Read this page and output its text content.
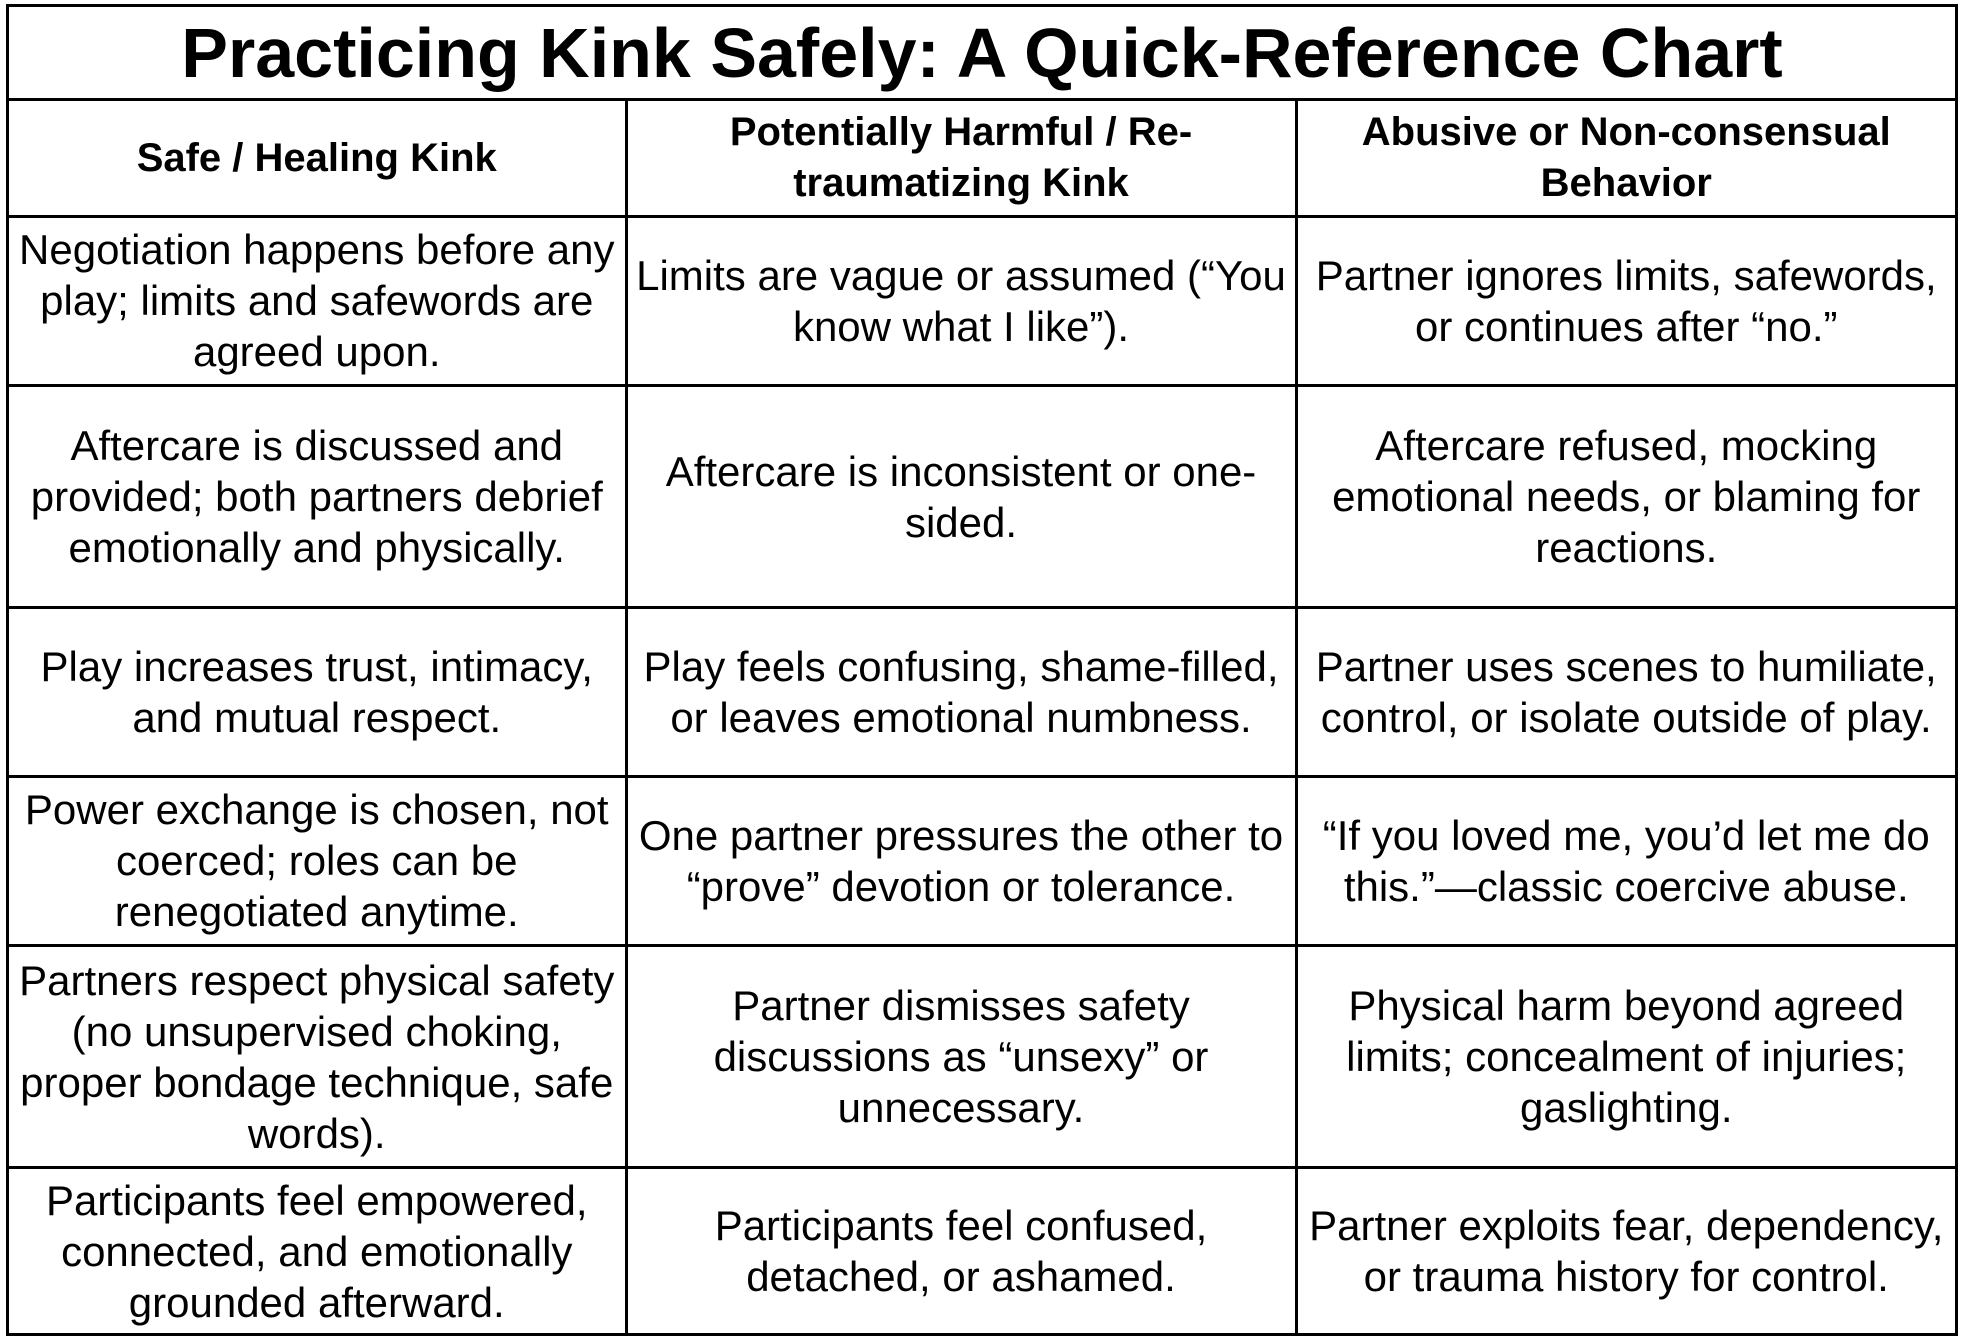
Practicing Kink Safely: A Quick-Reference Chart
Safe / Healing Kink	Potentially Harmful / Re-traumatizing Kink	Abusive or Non-consensual Behavior
Negotiation happens before any play; limits and safewords are agreed upon.	Limits are vague or assumed (“You know what I like”).	Partner ignores limits, safewords, or continues after “no.”
Aftercare is discussed and provided; both partners debrief emotionally and physically.	Aftercare is inconsistent or one-sided.	Aftercare refused, mocking emotional needs, or blaming for reactions.
Play increases trust, intimacy, and mutual respect.	Play feels confusing, shame-filled, or leaves emotional numbness.	Partner uses scenes to humiliate, control, or isolate outside of play.
Power exchange is chosen, not coerced; roles can be renegotiated anytime.	One partner pressures the other to “prove” devotion or tolerance.	“If you loved me, you’d let me do this.”—classic coercive abuse.
Partners respect physical safety (no unsupervised choking, proper bondage technique, safe words).	Partner dismisses safety discussions as “unsexy” or unnecessary.	Physical harm beyond agreed limits; concealment of injuries; gaslighting.
Participants feel empowered, connected, and emotionally grounded afterward.	Participants feel confused, detached, or ashamed.	Partner exploits fear, dependency, or trauma history for control.
